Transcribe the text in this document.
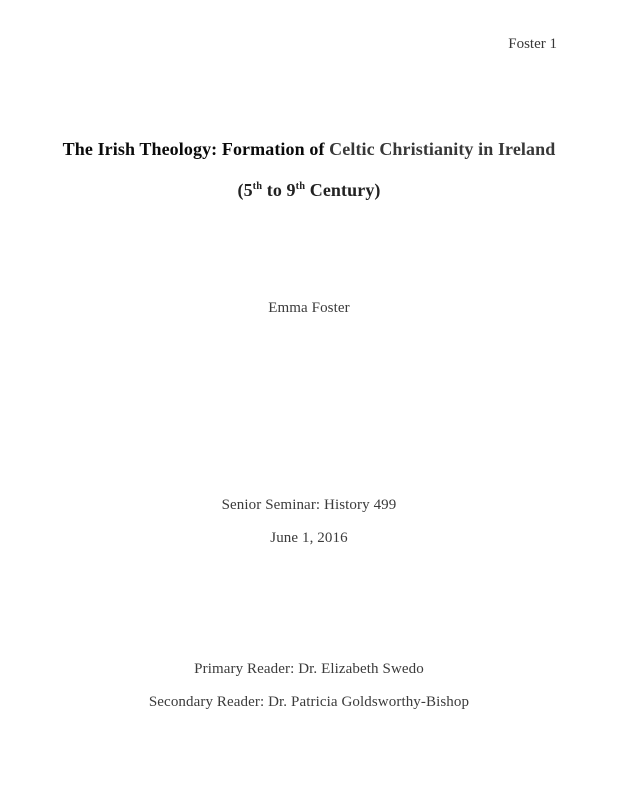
Foster 1
The Irish Theology: Formation of Celtic Christianity in Ireland
(5th to 9th Century)
Emma Foster
Senior Seminar: History 499
June 1, 2016
Primary Reader: Dr. Elizabeth Swedo
Secondary Reader: Dr. Patricia Goldsworthy-Bishop
